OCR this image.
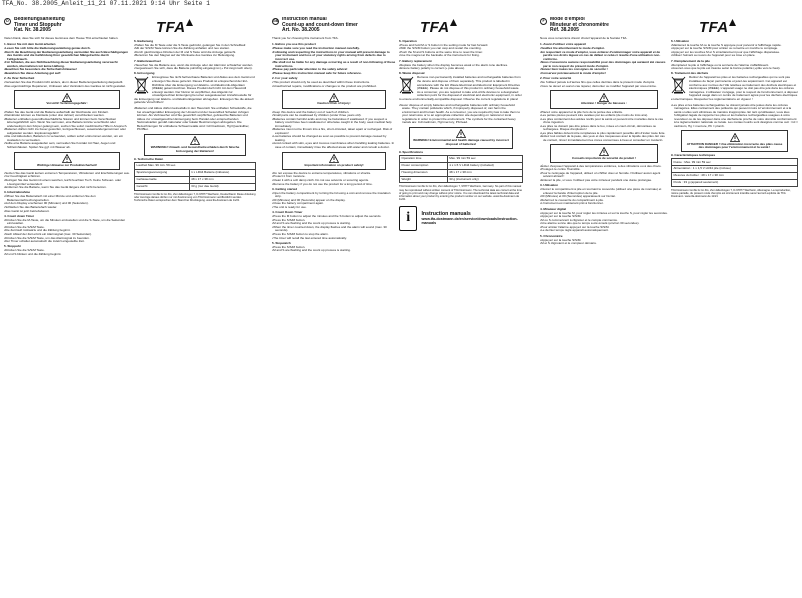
TFA_No. 38.2005_Anleit_11_21 07.11.2021 9:14 Uhr Seite 1
TFA	TFA	TFA
D	Bedienungsanleitung
Timer und Stoppuhr
Kat. Nr. 38.2005

Vielen Dank, dass Sie sich für dieses Gerät aus dem Hause TFA entschieden haben.

1. Bevor Sie mit dem Gerät arbeiten
• Lesen Sie sich bitte die Bedienungsanleitung genau durch.
• Durch die Beachtung der Bedienungsanleitung vermeiden Sie auch Beschädigungen des Geräts und die Gefährdung Ihrer gesetzlichen Mängelrechte durch Fehlgebrauch.
• Für Schäden, die aus Nichtbeachtung dieser Bedienungsanleitung verursacht werden, übernehmen wir keine Haftung.
• Beachten Sie besonders die Sicherheitshinweise!
• Bewahren Sie diese Anleitung gut auf!
2. Zu Ihrer Sicherheit
• Verwenden Sie das Produkt nicht anders, als in dieser Bedienungsanleitung dargestellt.
• Das eigenmächtige Reparieren, Umbauen oder Verändern des Gerätes ist nicht gestattet.
Vorsicht! Verletzungsgefahr:
• Halten Sie das Gerät und die Batterie außerhalb der Reichweite von Kindern.
• Kleinkinder können es Kleinteile (unter drei Jahren) verschlucken werden.
• Batterien enthalten gesundheitsschädliche Säuren und können beim Verschlucken lebensgefährlich sein. Wenn Sie vermuten, eine Batterie könnte verschluckt oder anderweitig in den Körper gelangt sein, suchen Sie sofort medizinische Hilfe in Anspruch.
• Batterien dürfen nicht ins Feuer geworfen, kurzgeschlossen, auseinandergenommen oder aufgeladen werden. Explosionsgefahr!
• Alte und Akkuzellen, Batterien zu verwenden, sollten sofort entnommen werden, um ein Auslaufen zu vermeiden.
• Sollte eine Batterie ausgelaufen sein, vermeiden Sie Kontakt mit Haut, Augen und Schleimhäuten. Spülen Sie ggf. mit Wasser ab.
Wichtige Hinweise zur Produktsicherheit!
• Setzen Sie das Gerät keinen extremen Temperaturen, Vibrationen und Erschütterungen aus.
• Vor Feuchtigkeit schützen.
• Reinigen Sie das Gerät mit einem weichen, leicht feuchten Tuch. Keine Scheuer- oder Lösungsmittel verwenden!
• Entfernen Sie die Batterie, wenn Sie das Gerät längere Zeit nicht benutzen.
3. Inbetriebnahme
• Öffnen Sie das Batteriefach mit einer Münze und entfernen Sie den Batterieunterbrechungsstreifen.
• Auf dem Display erscheinen 00 (Minuten) und 00 (Sekunden).
• Schließen Sie das Batteriefach wieder.
• Das Gerät ist jetzt betriebsbereit.
4. Count down Timer
• Drücken Sie die M-Taste, um die Minuten einzustellen und die S-Taste, um die Sekunden einzustellen.
• Drücken Sie die S/S/M Taste.
• Die Zeit läuft rückwärts und die Zählung beginnt.
• Nach Ablauf der Zeit ertönt ein Alarmsignal (max. 30 Sekunden).
• Drücken Sie die S/S/M Taste, um das Alarmsignal zu beenden.
• Der Timer schaltet automatisch die zuletzt eingestellte Zeit.
5. Stoppuhr
• Drücken Sie die S/S/M Taste.
• M und S blinken und die Zählung beginnt.
6. Bedienung
• Halten Sie die M Taste oder die S Taste gedrückt, gelangen Sie in den Schnelllauf.
• Mit der S/S/M Taste können Sie die Zählung anhalten und neu starten.
• Durch gleichzeitiges Drücken der M und S Taste wird die Anzeige gelöscht.
• Benutzen Sie den Magnet auf der Rückseite des Gerätes zur Befestigung.
7. Batteriewechsel
• Tauschen Sie die Batterie aus, wenn die Anzeige oder der Alarmton schwächer werden.
• Vergewissern Sie sich, dass die Batterie polrichtig eingelegt ist (+ Pol zeigt nach oben).
8. Entsorgung

Erzeugnisse Sie nicht fachverbaute Batterien und Akkus aus dem Gerät und entsorgen Sie diese getrennt. Dieses Produkt ist entsprechend der EU-Richtlinie über die Entsorgung von Elektro- und Elektronik-Altgeräten (WEEE) gekennzeichnet. Dieses Produkt darf nicht mit dem Hausmüll entsorgt werden. Der Nutzer ist verpflichtet, das Altgerät zur umweltgerechten Entsorgung bei einer ausgewiesenen Annahmestelle für die Entsorgung von Elektro- und Elektronikgeräten abzugeben. Entsorgen Sie die aktuell geltende Vorschriften!

• Batterien und Akkus dürfen keinesfalls in den Hausmüll. Sie enthalten Schadstoffe, die bei unsachgemäßer Entsorgung der Umwelt und der Gesundheit Schaden zufügen können. Als Verbraucher sind Sie gesetzlich verpflichtet, gebrauchte Batterien und Akkus zur umweltgerechten Entsorgung beim Handel oder entsprechenden Sammelstellen gemäß nationaler oder lokaler Bestimmungen abzugeben. Die Bezeichnungen für enthaltene Schwermetalle sind: Cd=Cadmium, Hg=Quecksilber, Pb=Blei.
WARNUNG! Umwelt- und Gesundheitsschäden durch falsche Entsorgung der Batterien!
9. Technische Daten
Laufzeit Max. 99 min. 59 sec.	
Spannungsversorgung	1 x LR44 Batterie (inklusive)
Gehäusemaße	48 x 17 x 38 mm
Gewicht	33 g (nur das Gerät)

TFA Dostmann GmbH & Co.KG, Zum Ellenbogen 7, D-97877 Wertheim, Deutschland. Diese Anleitung oder Auszüge daraus dürfen nur mit Zustimmung von TFA Dostmann veröffentlicht werden. Technische Daten entsprechen dem Stand bei Drucklegung. www.tfa-dostmann.de 11/21

GB Instruction manual
Count-up and count-down timer
Art. No. 38.2005

Thank you for choosing this instrument from TFA.

1. Before you use this product
• Please make sure you read the instruction manual carefully.
• Following and respecting the instructions in your manual will prevent damage to your instrument and loss of your statutory rights arising from defects due to incorrect use.
• We shall not be liable for any damage occurring as a result of non-following of these instructions.
• Please pay particular attention to the safety advice!
• Please keep this instruction manual safe for future reference.
2. For your safety
• This product should only be used as described within these instructions.
• Unauthorized repairs, modifications or changes to the product are prohibited.
Caution! Risk of injury:
• Keep this device and the battery out of reach of children.
• Small parts can be swallowed by children (under three years old).
• Batteries contain harmful acids and may be hazardous if swallowed. If you suspect a battery could have been swallowed or otherwise caught in the body, seek medical help immediately.
• Batteries must not be thrown into a fire, short-circuited, taken apart or recharged. Risk of explosion!
• Low batteries should be changed as soon as possible to prevent damage caused by leaking.
• Avoid contact with skin, eyes and mucous membranes when handling leaking batteries. In case of contact, immediately rinse the affected areas with water and consult a doctor.
Important information on product safety!
• Do not expose the device to extreme temperatures, vibrations or shocks.
• Protect it from moisture.
• Clean it with a soft damp cloth. Do not use solvents or scouring agents.
• Remove the battery if you do not use the product for a long period of time.
3. Getting started
• Open the battery compartment by turning the lid using a coin and remove the insulation strip.
• 00 (Minutes) and 00 (Seconds) appear on the display.
• Close the battery compartment again.
• The unit is ready for use.
4. Count Down Timer
• Press the M button to adjust the minutes and the S button to adjust the seconds.
• Press the S/S/M button.
• M and S are flashing and the count up process is starting.
• When the timer counted down, the display flashes and the alarm will sound (max. 30 seconds).
• Press the S/S/M button to stop the alarm.
• The timer will recall the last entered time automatically.
5. Stopwatch
• Press the S/S/M button.
• M and S are flashing and the count up process is starting.
6. Operation
• Press and hold M or S button in the setting mode for fast forward.
• With the S/S/M button you can stop and restart the counting.
• Push the M and S buttons at the same time to reset the timer.
• Use the magnet at the backside of the instrument for fixing.
7. Battery replacement
• Replace the battery when the display becomes weak or the alarm tone declines.
• Ensure battery polarity is correct (+ pole above).
8. Waste disposal

Remove non-permanently installed batteries and rechargeable batteries from the device and dispose of them separately. This product is labelled in accordance with the EU Waste Electrical and Electronic Equipment Directive (WEEE). Please do not dispose of this product in ordinary household waste. As a consumer, you are required to take end-of-life devices to a designated collection point for the disposal of electrical and electronic equipment, in order to ensure environmentally-compatible disposal. Observe the current regulations in place!

• Never dispose of empty batteries and rechargeable batteries with ordinary household waste. They contain pollutants which, if improperly disposed of, can harm the environment and human health. As a consumer, you are required by law to take them to your retail store or to an appropriate collection site depending on national or local regulations in order to protect the environment. The symbols for the contained heavy metals are: Cd=cadmium, Hg=mercury, Pb=lead.
WARNING! Environmental and health damage caused by incorrect disposal of batteries!
9. Specifications
Operation time	Max. 99 min 59 sec
Power consumption	1 x 1.5 V LR44 battery (included)
Housing dimension	48 x 17 x 38 mm
Weight	33 g (instrument only)

TFA Dostmann GmbH & Co.KG, Zum Ellenbogen 7, 97877 Wertheim, Germany. No part of this manual may be reproduced without written consent of TFA Dostmann. The technical data are correct at the time of going to print and may change without prior notice. You can download the latest technical data and information about your product by entering the product number on our website. www.tfa-dostmann.de 11/21

i	Instruction manuals
www.tfa-dostmann.de/en/service/downloads/instruction-manuals
F	Mode d'emploi
Minuteur et chronomètre
Réf. 38.2005

Nous vous remercions d'avoir choisi l'appareil de la Société TFA.

1. Avant d'utiliser votre appareil
• Veuillez lire attentivement le mode d'emploi.
• En respectant ce mode d'emploi, vous éviterez d'endommager votre appareil et de perdre vos droits légaux en cas de défaut si celui-ci résulte d'une utilisation non-conforme.
• Nous n'assumons aucune responsabilité pour des dommages qui auraient été causés par le non-respect du présent mode d'emploi.
• Suivez bien toutes les consignes de sécurité !
• Conservez précieusement le mode d'emploi !
2. Pour votre sécurité
• Ne l'utilisez jamais à d'autres fins que celles décrites dans le présent mode d'emploi.
• Vous ne devez en aucun cas réparer, démonter ou modifier l'appareil par vous-même.
Attention ! Danger de blessure :
• Placez votre appareil et la pile hors de la portée des enfants.
• Les petites pièces peuvent être avalées par les enfants (de moins de trois ans).
• Les piles contiennent des acides nocifs pour la santé et peuvent être mortelles dans le cas d'une ingestion.
• Les piles ne doivent pas être jetées dans le feu, mises en court-circuit, démontées ou rechargées. Risque d'explosion !
• Les piles faibles doivent être remplacées le plus rapidement possible afin d'éviter toute fuite.
• Évitez tout contact de la peau, des yeux et des muqueuses avec le liquide des piles. En cas de contact, rincez immédiatement les zones concernées à l'eau et consultez un médecin.
Conseils importants de sécurité du produit !
• Éviter d'exposer l'appareil à des températures extrêmes, à des vibrations ou à des chocs.
• Protégez-le contre l'humidité.
• Pour le nettoyage de l'appareil, utilisez un chiffon doux et humide. N'utilisez aucun agent solvant abrasif !
• Enlevez la pile, si vous n'utilisez pas votre minuteur pendant une durée prolongée.
3. Utilisation
• Ouvrez le compartiment à pile en tournant le couvercle (utilisez une pièce de monnaie) et enlevez la bande d'interruption de la pile.
• 00 (Minutes) et 00 (Secondes) apparaissent sur l'écran.
• Refermez le couvercle du compartiment à pile.
• L'instrument est maintenant prêt à fonctionner.
4. Minuteur digital
• Appuyez sur la touche M, pour régler les minutes et sur la touche S, pour régler les secondes.
• Appuyez sur la touche S/S/M.
• M ou S commencent à clignoter et le compte commence.
• Une alarme sonne dès que le temps a été écoulé (environ 30 secondes).
• Pour arrêter l'alarme appuyez sur la touche S/S/M.
• Le dernier temps réglé apparaît automatiquement.
5. Chronomètre
• Appuyez sur la touche S/S/M.
• M et S clignotent et le compteur démarre.
6. Utilisation
• Maintenez la touche M ou la touche S appuyée pour parvenir à l'affichage rapide.
• Appuyez sur la touche S/S/M pour arrêter ou remettre en marche le comptage.
• Appuyez sur les touches M et S simultanément pour que l'affichage disparaisse.
• Utilisez l'aimant au revers de l'appareil pour sa mise en place.
7. Remplacement de la pile
• Remplacez la pile si l'affichage ou la sonnerie de l'alarme s'affaiblissent.
• Assurez-vous que la pile est insérée selon la bonne polarité (+pôle vers le haut).
8. Traitement des déchets

Retirez de l'appareil les piles et les batteries rechargeables qui ne sont pas installées de façon permanente et jetez-les séparément. Cet appareil est conforme aux normes de l'UE relatives au traitement des déchets électriques et électroniques (WEEE). L'appareil usagé ne doit pas être jeté dans les ordures ménagères. L'utilisateur s'engage, pour le respect de l'environnement, à déposer l'appareil usagé dans un centre de traitement agréé pour les déchets électriques et électroniques. Respectez les réglementations en vigueur !

• Les piles et les batteries rechargeables ne doivent jamais être jetées dans les ordures ménagères. Elles contiennent des polluants qui peuvent nuire à l'environnement et à la santé si elles sont éliminées de manière inappropriée. En tant qu'utilisateur, vous êtes l'obligation légale de rapporter les piles et les batteries rechargeables usagées à votre revendeur ou de les déposer dans une déchetterie proche de votre domicile conformément à la réglementation nationale ou locale. Les métaux lourds sont désignés comme suit : Cd = cadmium, Hg = mercure, Pb = plomb.
ATTENTION DANGER ! Une élimination incorrecte des piles cause des dommages pour l'environnement et la santé !
9. Caractéristiques techniques
Durée : Max. 99 min 59 sec
Alimentation : 1 x 1,5 V LR44 pile (incluse)
Mesures du boîtier : 48 x 17 x 38 mm
Poids : 33 g (appareil seulement)

TFA Dostmann GmbH & Co.KG, Zum Ellenbogen 7, D-97877 Wertheim, Allemagne. La reproduction, même partielle, du présent mode d'emploi est strictement interdite sans l'accord explicite de TFA Dostmann. www.tfa-dostmann.de 11/21
